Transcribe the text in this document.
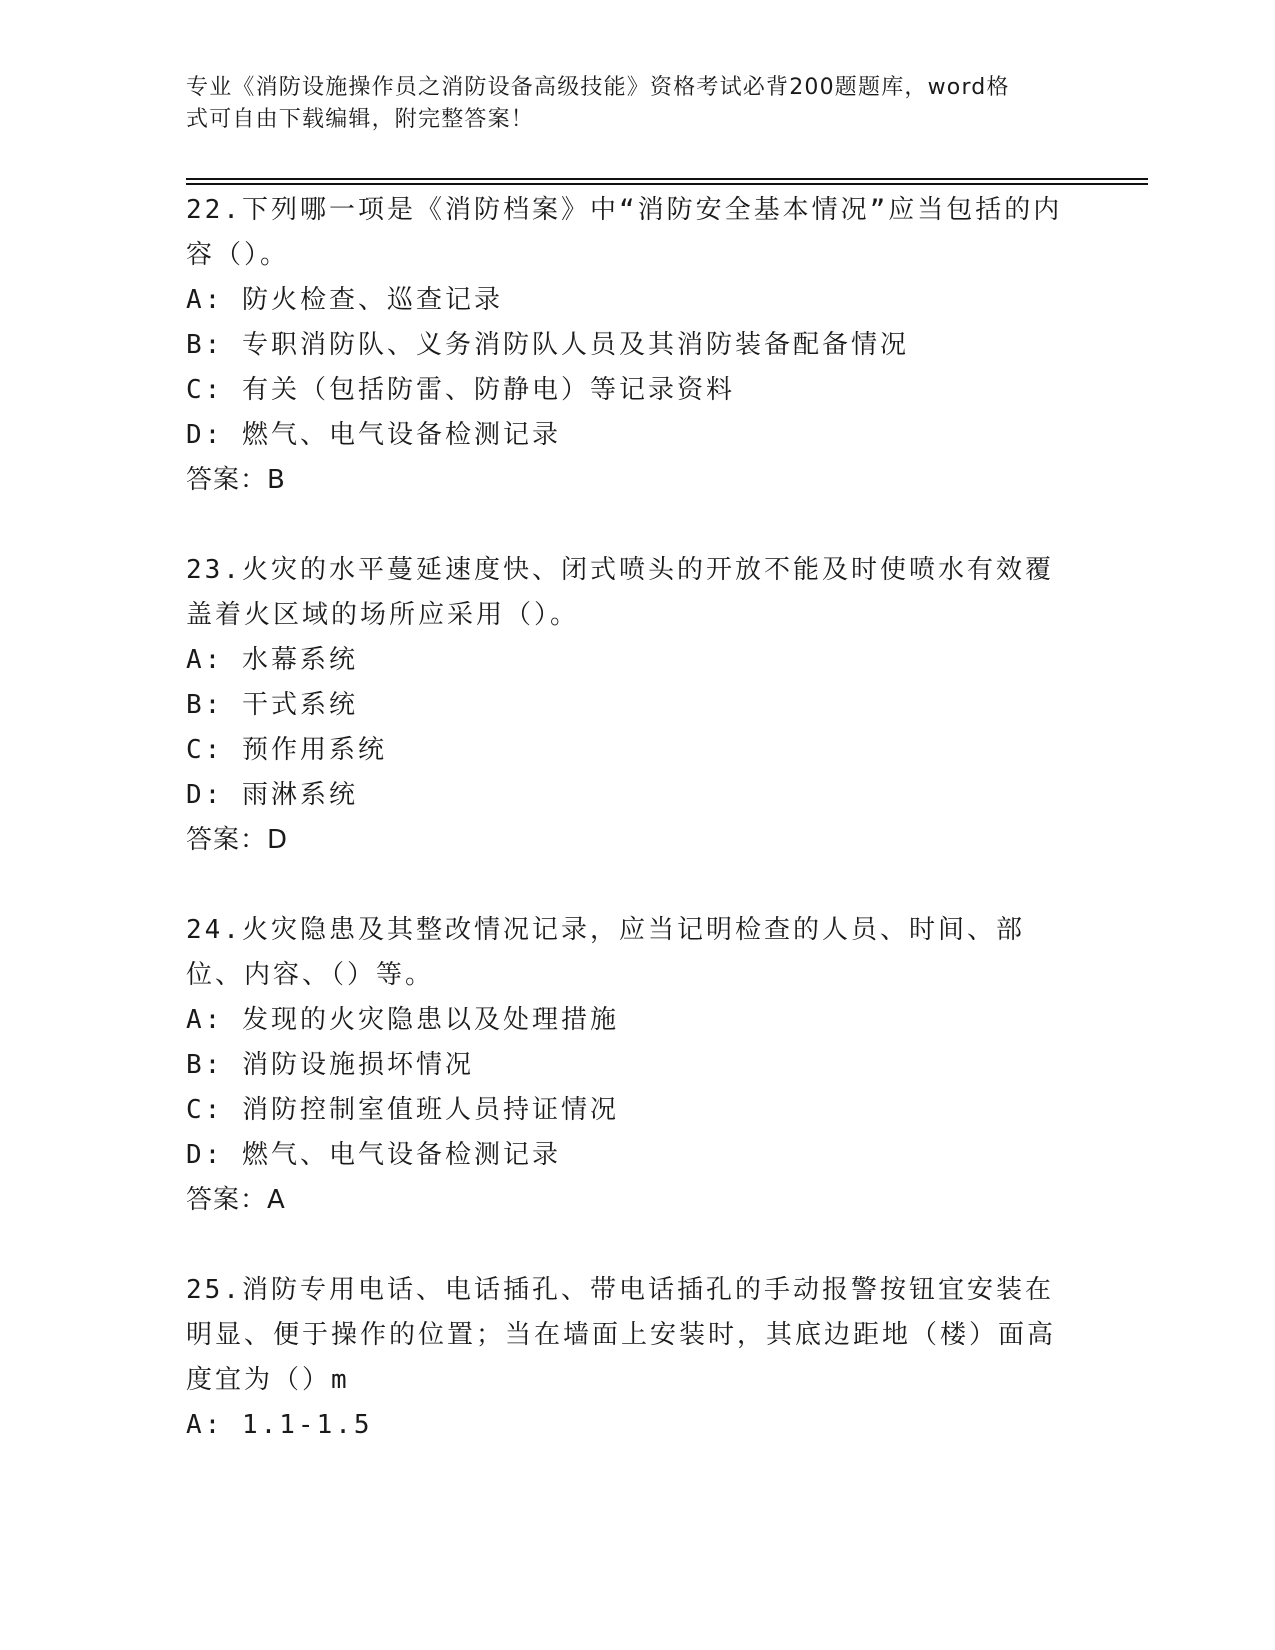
专业《消防设施操作员之消防设备高级技能》资格考试必背200题题库，word格
式可自由下载编辑，附完整答案！

22.下列哪一项是《消防档案》中“消防安全基本情况”应当包括的内容（）。

A: 防火检查、巡查记录

B: 专职消防队、义务消防队人员及其消防装备配备情况

C: 有关（包括防雷、防静电）等记录资料

D: 燃气、电气设备检测记录

答案：B

23.火灾的水平蔓延速度快、闭式喷头的开放不能及时使喷水有效覆盖着火区域的场所应采用（）。

A: 水幕系统

B: 干式系统

C: 预作用系统

D: 雨淋系统

答案：D

24.火灾隐患及其整改情况记录，应当记明检查的人员、时间、部位、内容、（）等。

A: 发现的火灾隐患以及处理措施

B: 消防设施损坏情况

C: 消防控制室值班人员持证情况

D: 燃气、电气设备检测记录

答案：A

25.消防专用电话、电话插孔、带电话插孔的手动报警按钮宜安装在明显、便于操作的位置；当在墙面上安装时，其底边距地（楼）面高度宜为（）m

A: 1.1-1.5
